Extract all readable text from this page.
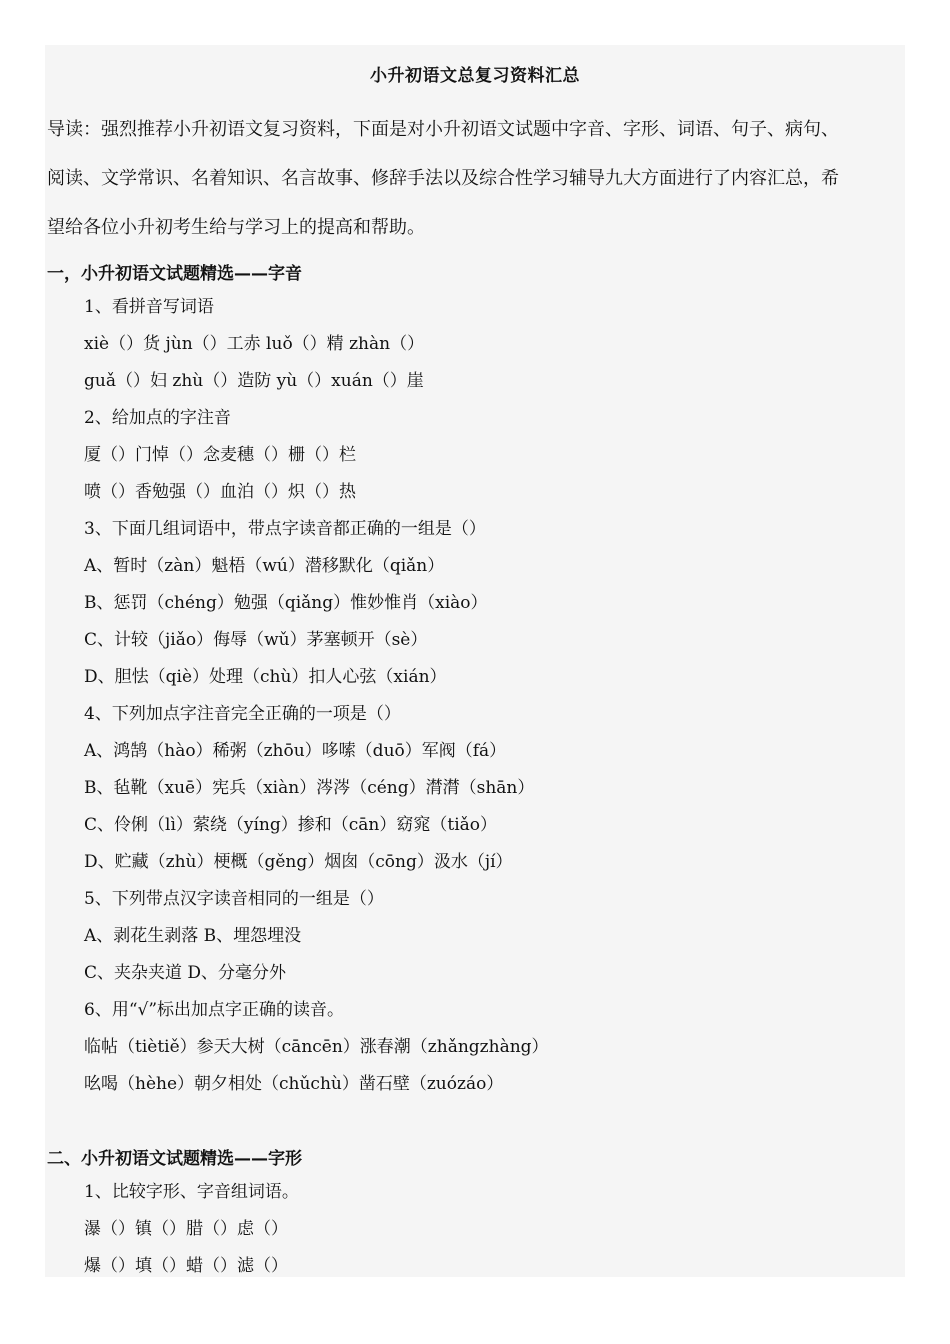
小升初语文总复习资料汇总
导读：强烈推荐小升初语文复习资料，下面是对小升初语文试题中字音、字形、词语、句子、病句、
阅读、文学常识、名着知识、名言故事、修辞手法以及综合性学习辅导九大方面进行了内容汇总，希
望给各位小升初考生给与学习上的提高和帮助。
一，小升初语文试题精选——字音
1、看拼音写词语
xiè（）货 jùn（）工赤 luǒ（）精 zhàn（）
guǎ（）妇 zhù（）造防 yù（）xuán（）崖
2、给加点的字注音
厦（）门悼（）念麦穗（）栅（）栏
喷（）香勉强（）血泊（）炽（）热
3、下面几组词语中，带点字读音都正确的一组是（）
A、暂时（zàn）魁梧（wú）潜移默化（qiǎn）
B、惩罚（chéng）勉强（qiǎng）惟妙惟肖（xiào）
C、计较（jiǎo）侮辱（wǔ）茅塞顿开（sè）
D、胆怯（qiè）处理（chù）扣人心弦（xián）
4、下列加点字注音完全正确的一项是（）
A、鸿鹄（hào）稀粥（zhōu）哆嗦（duō）军阀（fá）
B、毡靴（xuē）宪兵（xiàn）涔涔（céng）潸潸（shān）
C、伶俐（lì）萦绕（yíng）掺和（cān）窈窕（tiǎo）
D、贮藏（zhù）梗概（gěng）烟囱（cōng）汲水（jí）
5、下列带点汉字读音相同的一组是（）
A、剥花生剥落 B、埋怨埋没
C、夹杂夹道 D、分毫分外
6、用“√”标出加点字正确的读音。
临帖（tiètiě）参天大树（cāncēn）涨春潮（zhǎngzhàng）
吆喝（hèhe）朝夕相处（chǔchù）凿石壁（zuózáo）
二、小升初语文试题精选——字形
1、比较字形、字音组词语。
瀑（）镇（）腊（）虑（）
爆（）填（）蜡（）滤（）
